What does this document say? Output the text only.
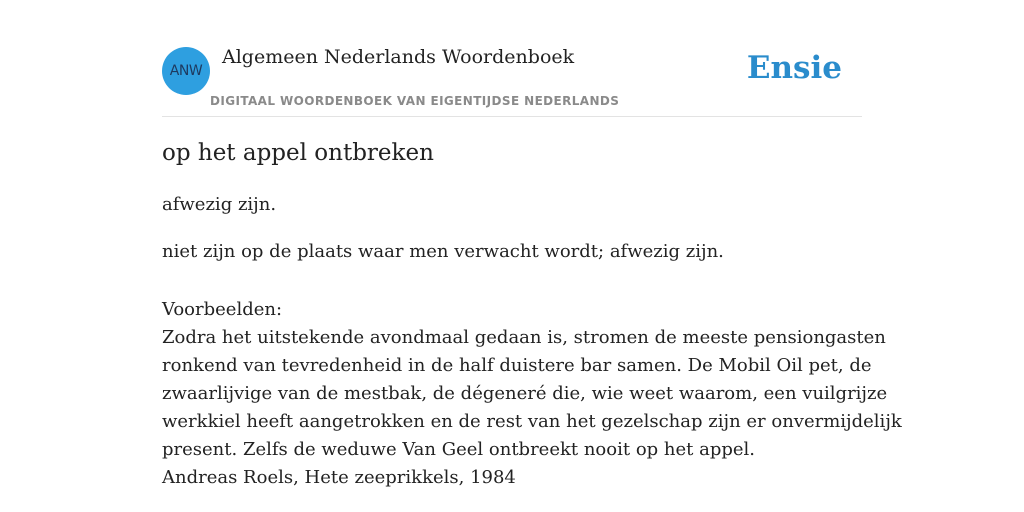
ANW
Algemeen Nederlands Woordenboek
DIGITAAL WOORDENBOEK VAN EIGENTIJDSE NEDERLANDS
Ensie
op het appel ontbreken
afwezig zijn.
niet zijn op de plaats waar men verwacht wordt; afwezig zijn.
Voorbeelden:
Zodra het uitstekende avondmaal gedaan is, stromen de meeste pensiongasten
ronkend van tevredenheid in de half duistere bar samen. De Mobil Oil pet, de
zwaarlijvige van de mestbak, de dégeneré die, wie weet waarom, een vuilgrijze
werkkiel heeft aangetrokken en de rest van het gezelschap zijn er onvermijdelijk
present. Zelfs de weduwe Van Geel ontbreekt nooit op het appel.
Andreas Roels, Hete zeeprikkels, 1984
